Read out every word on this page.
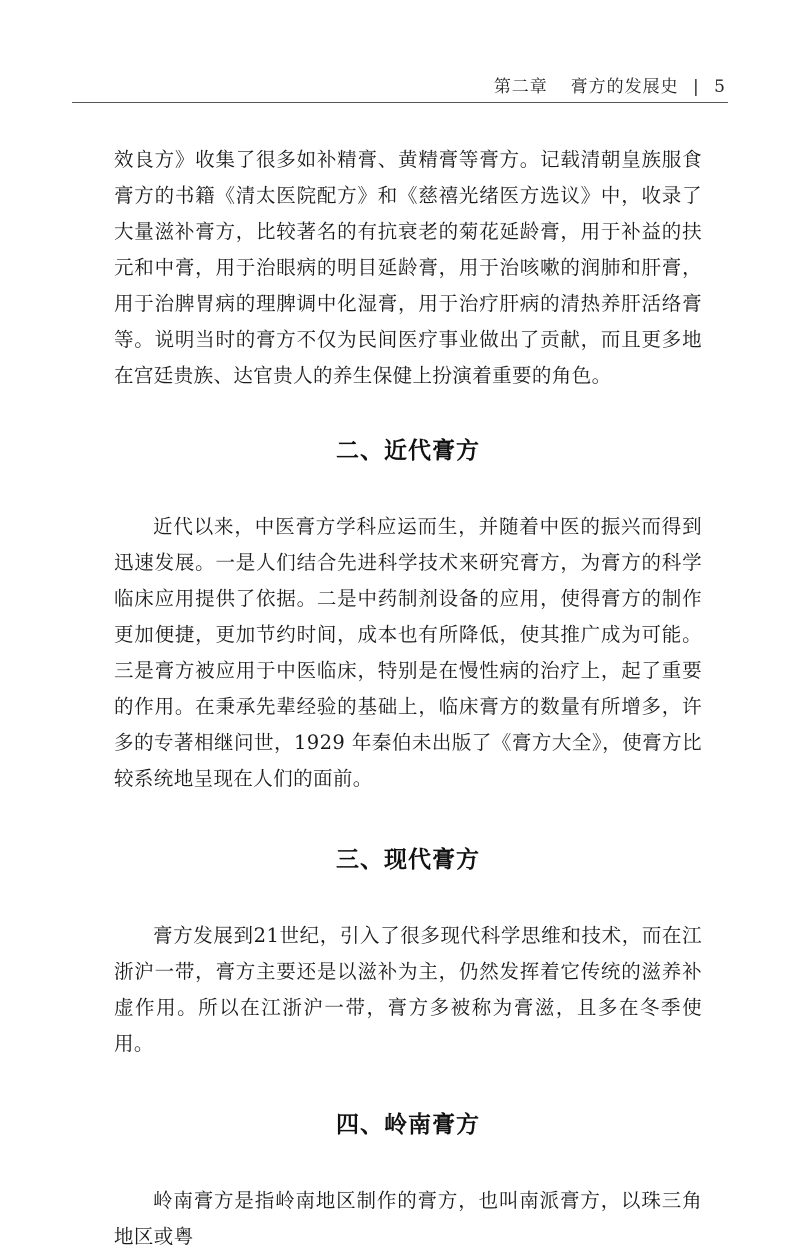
第二章 膏方的发展史 | 5

效良方》收集了很多如补精膏、黄精膏等膏方。记载清朝皇族服食膏方的书籍《清太医院配方》和《慈禧光绪医方选议》中，收录了大量滋补膏方，比较著名的有抗衰老的菊花延龄膏，用于补益的扶元和中膏，用于治眼病的明目延龄膏，用于治咳嗽的润肺和肝膏，用于治脾胃病的理脾调中化湿膏，用于治疗肝病的清热养肝活络膏等。说明当时的膏方不仅为民间医疗事业做出了贡献，而且更多地在宫廷贵族、达官贵人的养生保健上扮演着重要的角色。

二、近代膏方

近代以来，中医膏方学科应运而生，并随着中医的振兴而得到迅速发展。一是人们结合先进科学技术来研究膏方，为膏方的科学临床应用提供了依据。二是中药制剂设备的应用，使得膏方的制作更加便捷，更加节约时间，成本也有所降低，使其推广成为可能。三是膏方被应用于中医临床，特别是在慢性病的治疗上，起了重要的作用。在秉承先辈经验的基础上，临床膏方的数量有所增多，许多的专著相继问世，1929 年秦伯未出版了《膏方大全》，使膏方比较系统地呈现在人们的面前。

三、现代膏方

膏方发展到21世纪，引入了很多现代科学思维和技术，而在江浙沪一带，膏方主要还是以滋补为主，仍然发挥着它传统的滋养补虚作用。所以在江浙沪一带，膏方多被称为膏滋，且多在冬季使用。

四、岭南膏方

岭南膏方是指岭南地区制作的膏方，也叫南派膏方，以珠三角地区或粤
